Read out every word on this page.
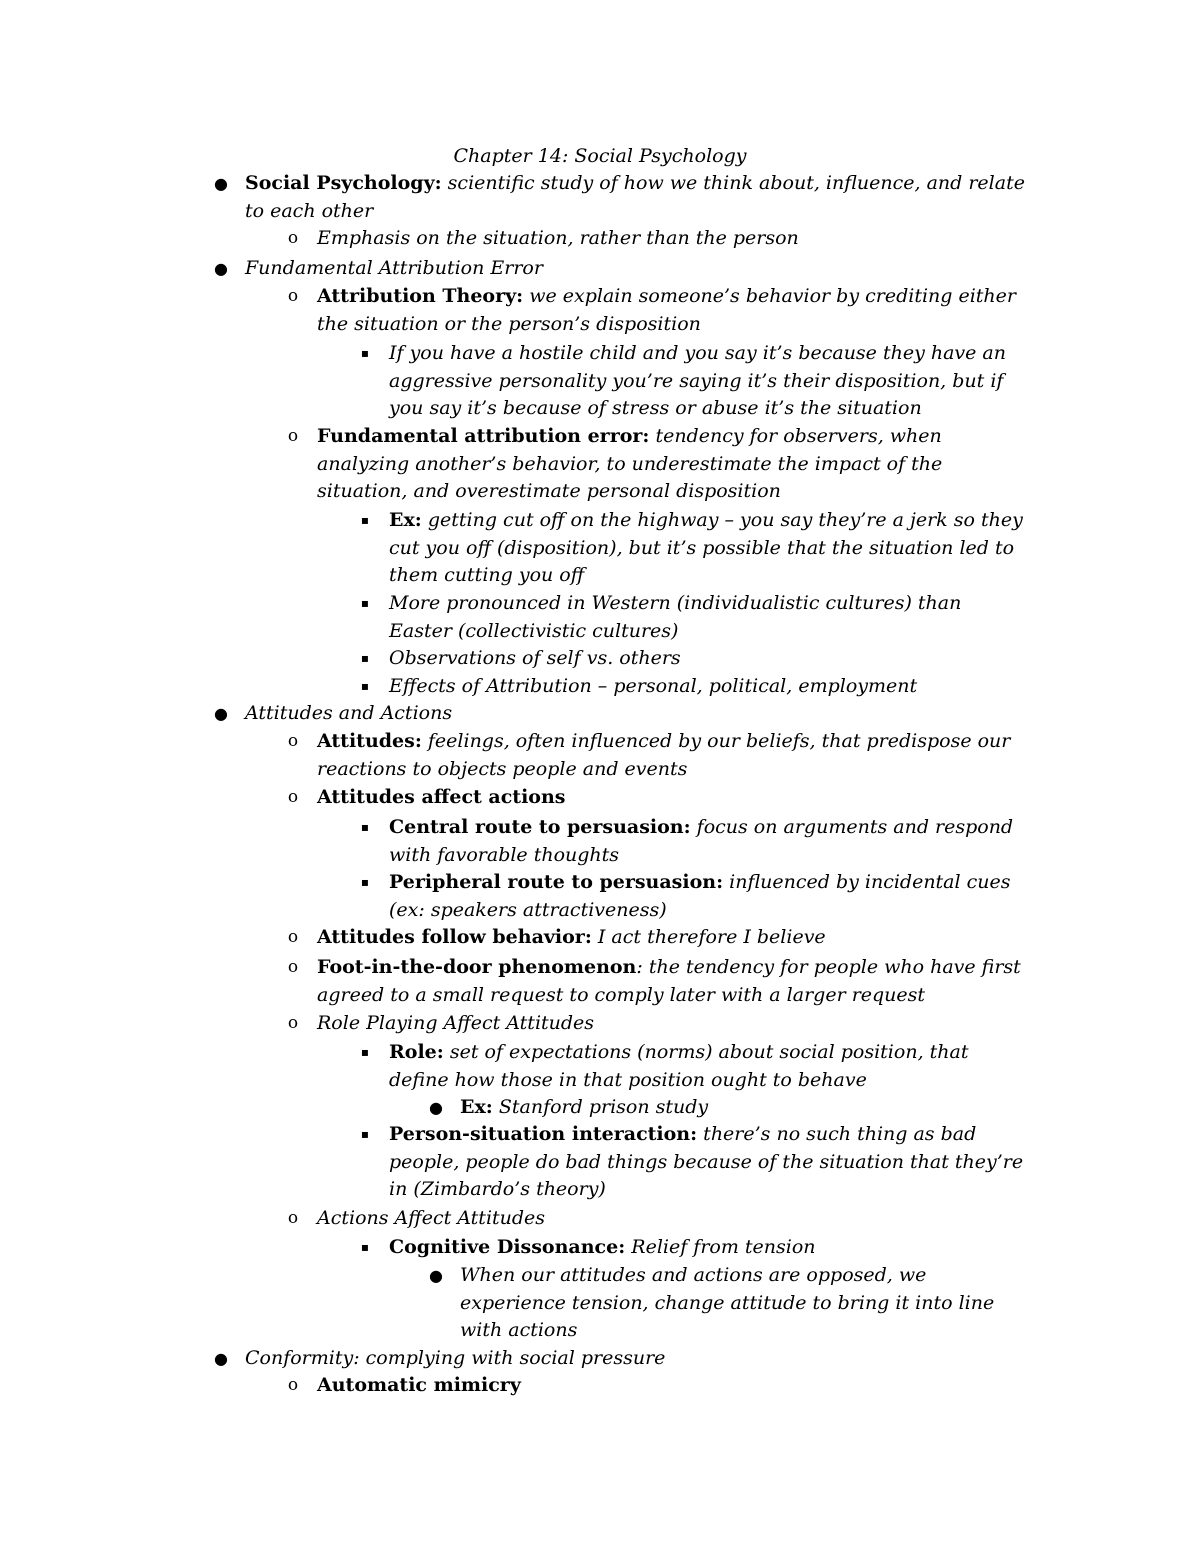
Chapter 14: Social Psychology
● Social Psychology: scientific study of how we think about, influence, and relate to each other
o Emphasis on the situation, rather than the person
● Fundamental Attribution Error
o Attribution Theory: we explain someone’s behavior by crediting either the situation or the person’s disposition
▪	If you have a hostile child and you say it’s because they have an aggressive personality you’re saying it’s their disposition, but if you say it’s because of stress or abuse it’s the situation
o Fundamental attribution error: tendency for observers, when analyzing another’s behavior, to underestimate the impact of the situation, and overestimate personal disposition
▪	Ex: getting cut off on the highway – you say they’re a jerk so they cut you off (disposition), but it’s possible that the situation led to them cutting you off
▪	More pronounced in Western (individualistic cultures) than Easter (collectivistic cultures)
▪	Observations of self vs. others
▪	Effects of Attribution – personal, political, employment
● Attitudes and Actions
o Attitudes: feelings, often influenced by our beliefs, that predispose our reactions to objects people and events
o Attitudes affect actions
▪	Central route to persuasion: focus on arguments and respond with favorable thoughts
▪	Peripheral route to persuasion: influenced by incidental cues (ex: speakers attractiveness)
o Attitudes follow behavior: I act therefore I believe
o Foot-in-the-door phenomenon: the tendency for people who have first agreed to a small request to comply later with a larger request
o Role Playing Affect Attitudes
▪	Role: set of expectations (norms) about social position, that define how those in that position ought to behave
● Ex: Stanford prison study
▪	Person-situation interaction: there’s no such thing as bad people, people do bad things because of the situation that they’re in (Zimbardo’s theory)
o Actions Affect Attitudes
▪	Cognitive Dissonance: Relief from tension
● When our attitudes and actions are opposed, we experience tension, change attitude to bring it into line with actions
● Conformity: complying with social pressure
o Automatic mimicry
